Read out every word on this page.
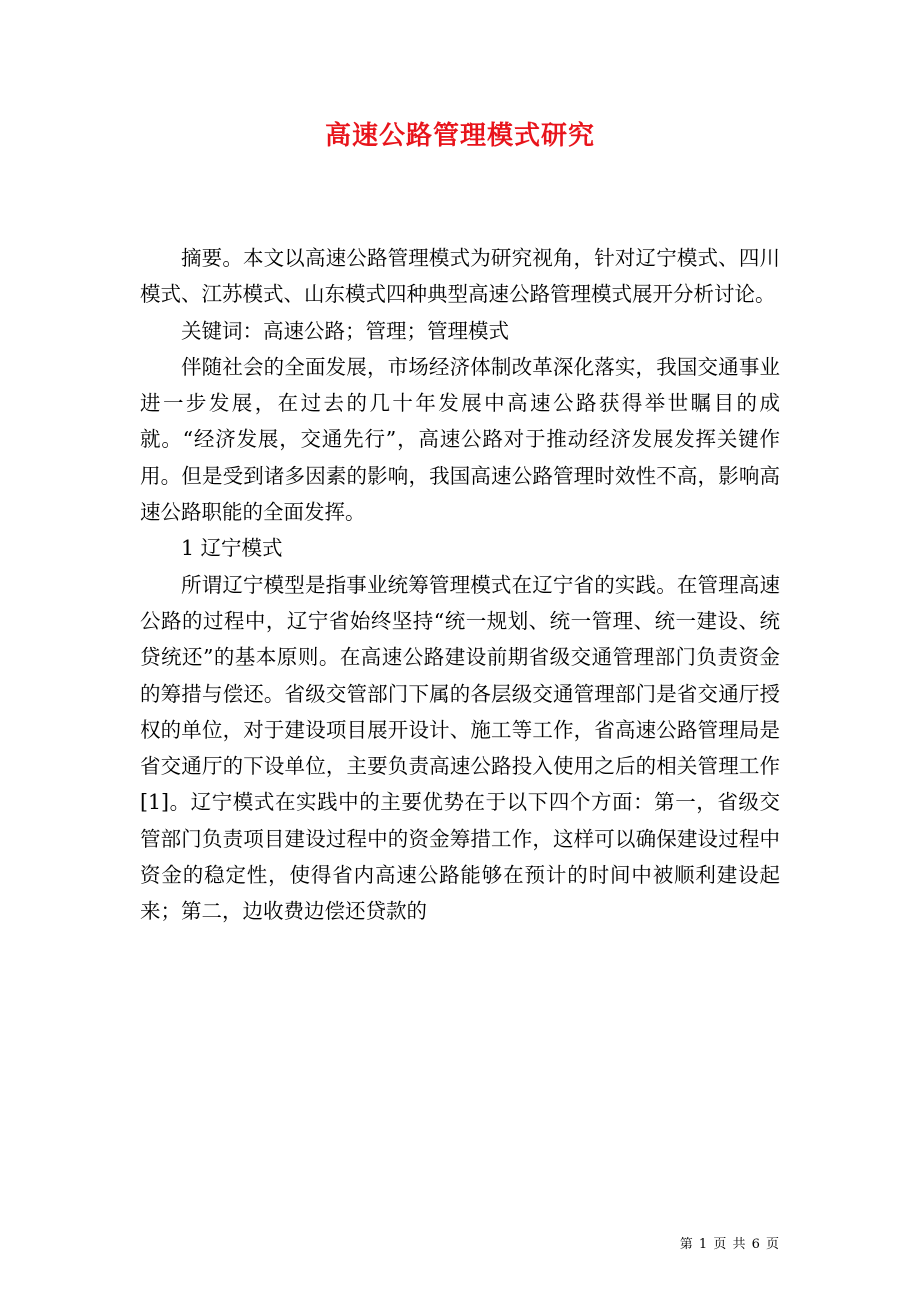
高速公路管理模式研究

摘要。本文以高速公路管理模式为研究视角，针对辽宁模式、四川模式、江苏模式、山东模式四种典型高速公路管理模式展开分析讨论。

关键词：高速公路；管理；管理模式

伴随社会的全面发展，市场经济体制改革深化落实，我国交通事业进一步发展，在过去的几十年发展中高速公路获得举世瞩目的成就。“经济发展，交通先行”，高速公路对于推动经济发展发挥关键作用。但是受到诸多因素的影响，我国高速公路管理时效性不高，影响高速公路职能的全面发挥。

1 辽宁模式

所谓辽宁模型是指事业统筹管理模式在辽宁省的实践。在管理高速公路的过程中，辽宁省始终坚持“统一规划、统一管理、统一建设、统贷统还”的基本原则。在高速公路建设前期省级交通管理部门负责资金的筹措与偿还。省级交管部门下属的各层级交通管理部门是省交通厅授权的单位，对于建设项目展开设计、施工等工作，省高速公路管理局是省交通厅的下设单位，主要负责高速公路投入使用之后的相关管理工作[1]。辽宁模式在实践中的主要优势在于以下四个方面：第一，省级交管部门负责项目建设过程中的资金筹措工作，这样可以确保建设过程中资金的稳定性，使得省内高速公路能够在预计的时间中被顺利建设起来；第二，边收费边偿还贷款的

第 1 页 共 6 页
